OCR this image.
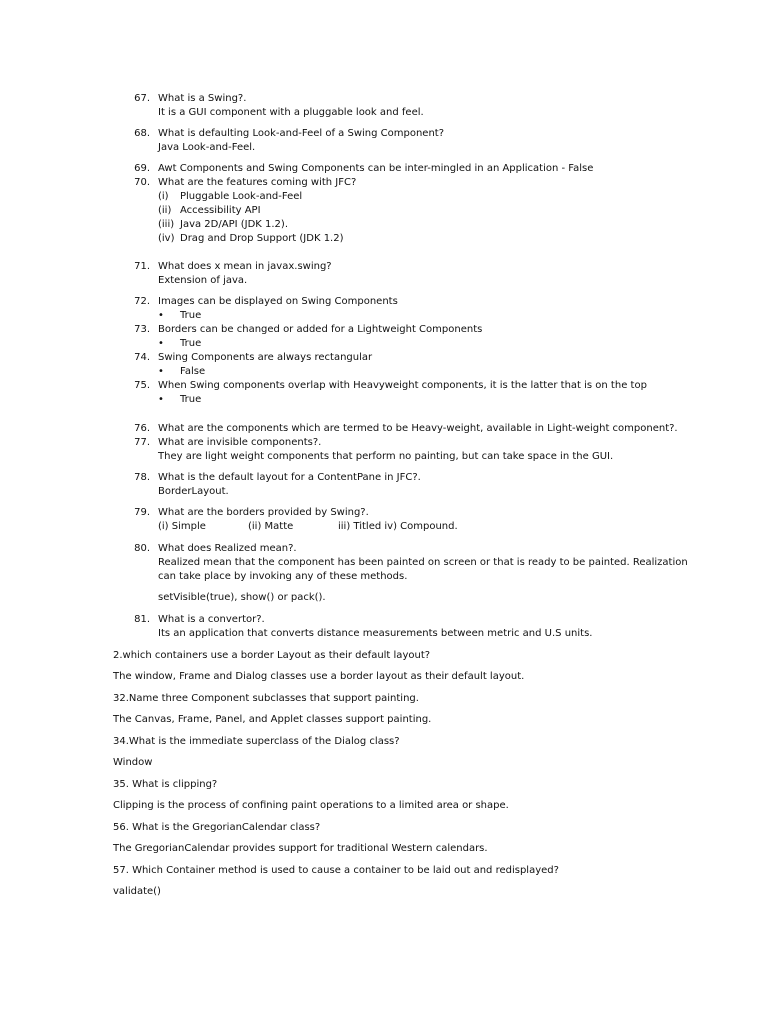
67. What is a Swing?.
It is a GUI component with a pluggable look and feel.
68. What is defaulting Look-and-Feel of a Swing Component?
Java Look-and-Feel.
69. Awt Components and Swing Components can be inter-mingled in an Application - False
70. What are the features coming with JFC?
(i) Pluggable Look-and-Feel
(ii) Accessibility API
(iii) Java 2D/API (JDK 1.2).
(iv) Drag and Drop Support (JDK 1.2)
71. What does x mean in javax.swing?
Extension of java.
72. Images can be displayed on Swing Components
• True
73. Borders can be changed or added for a Lightweight Components
• True
74. Swing Components are always rectangular
• False
75. When Swing components overlap with Heavyweight components, it is the latter that is on the top
• True
76. What are the components which are termed to be Heavy-weight, available in Light-weight component?.
77. What are invisible components?.
They are light weight components that perform no painting, but can take space in the GUI.
78. What is the default layout for a ContentPane in JFC?.
BorderLayout.
79. What are the borders provided by Swing?.
(i) Simple	(ii) Matte	iii) Titled iv) Compound.
80. What does Realized mean?.
Realized mean that the component has been painted on screen or that is ready to be painted. Realization
can take place by invoking any of these methods.
setVisible(true), show() or pack().
81. What is a convertor?.
Its an application that converts distance measurements between metric and U.S units.
2.which containers use a border Layout as their default layout?
The window, Frame and Dialog classes use a border layout as their default layout.
32.Name three Component subclasses that support painting.
The Canvas, Frame, Panel, and Applet classes support painting.
34.What is the immediate superclass of the Dialog class?
Window
35. What is clipping?
Clipping is the process of confining paint operations to a limited area or shape.
56. What is the GregorianCalendar class?
The GregorianCalendar provides support for traditional Western calendars.
57. Which Container method is used to cause a container to be laid out and redisplayed?
validate()
